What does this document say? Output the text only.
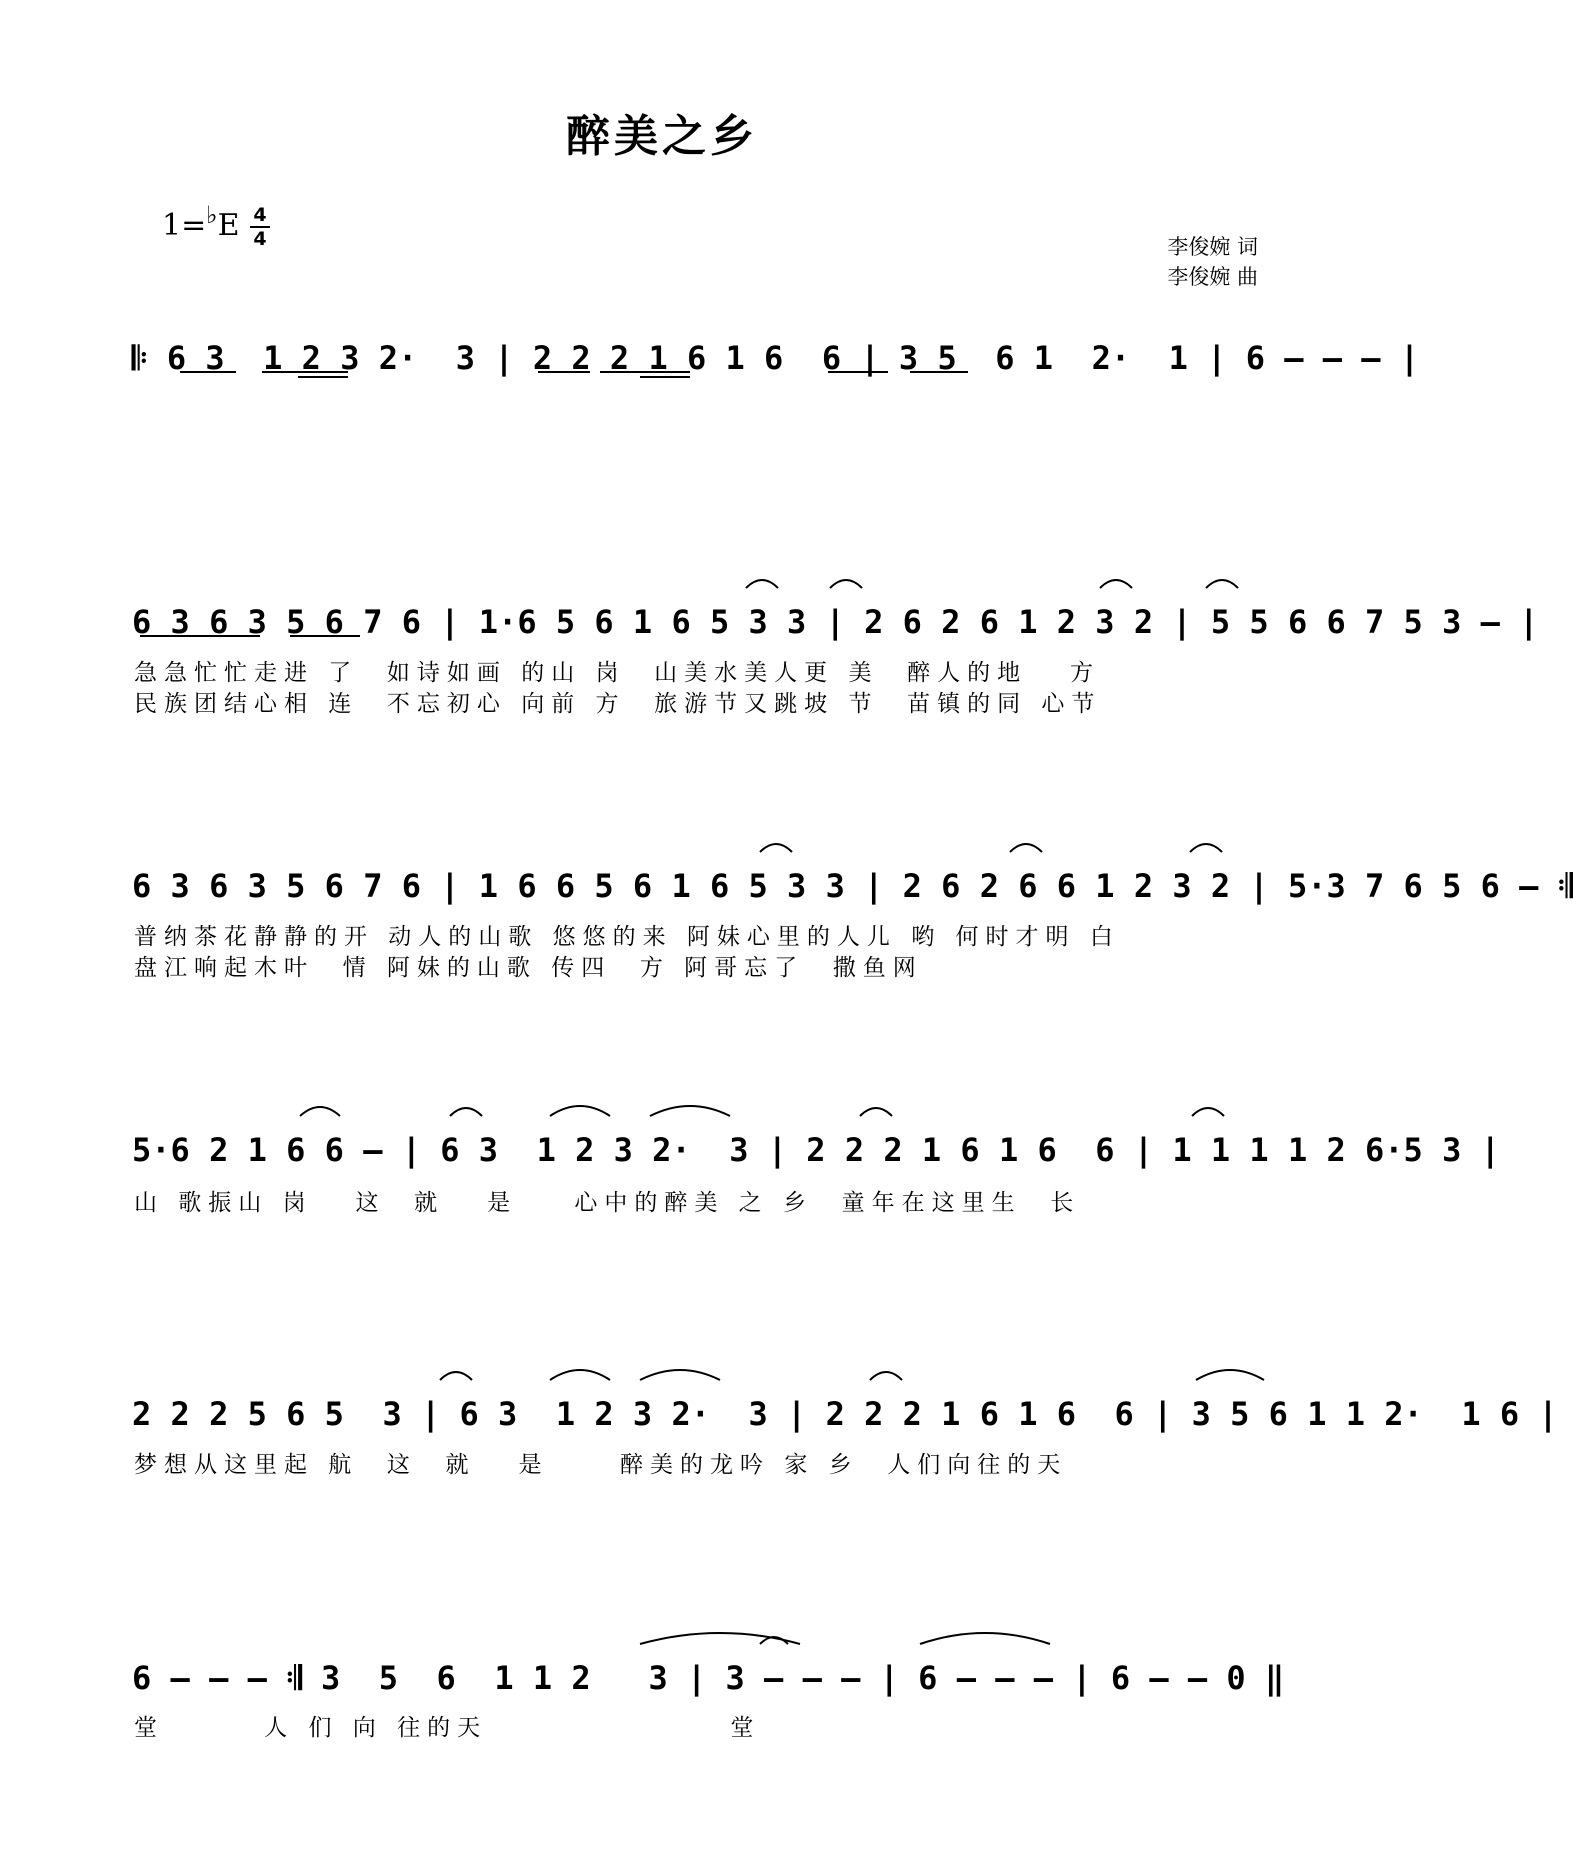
醉美之乡
1=♭E 4
4	李俊婉 词
李俊婉 曲
𝄆 6 3  1 2 3 2·  3 | 2 2 2 1 6 1 6  6 | 3 5  6 1  2·  1 | 6 — — — |
6 3 6 3 5 6 7 6 | 1·6 5 6 1 6 5 3 3 | 2 6 2 6 1 2 3 2 | 5 5 6 6 7 5 3 — |
急急忙忙走进 了  如诗如画 的山 岗  山美水美人更 美  醉人的地   方
民族团结心相 连  不忘初心 向前 方  旅游节又跳坡 节  苗镇的同 心节
6 3 6 3 5 6 7 6 | 1 6 6 5 6 1 6 5 3 3 | 2 6 2 6 6 1 2 3 2 | 5·3 7 6 5 6 — 𝄇
普纳茶花静静的开 动人的山歌 悠悠的来 阿妹心里的人儿 哟 何时才明 白
盘江响起木叶  情 阿妹的山歌 传四  方 阿哥忘了  撒鱼网
5·6 2 1 6 6 — | 6 3  1 2 3 2·  3 | 2 2 2 1 6 1 6  6 | 1 1 1 1 2 6·5 3 |
山 歌振山 岗   这  就   是    心中的醉美 之 乡  童年在这里生  长
2 2 2 5 6 5  3 | 6 3  1 2 3 2·  3 | 2 2 2 1 6 1 6  6 | 3 5 6 1 1 2·  1 6 |
梦想从这里起 航  这  就   是     醉美的龙吟 家 乡  人们向往的天
6 — — — 𝄇 3  5  6  1 1 2   3 | 3 — — — | 6 — — — | 6 — — 0 ‖
堂       人 们 向 往的天                 堂
